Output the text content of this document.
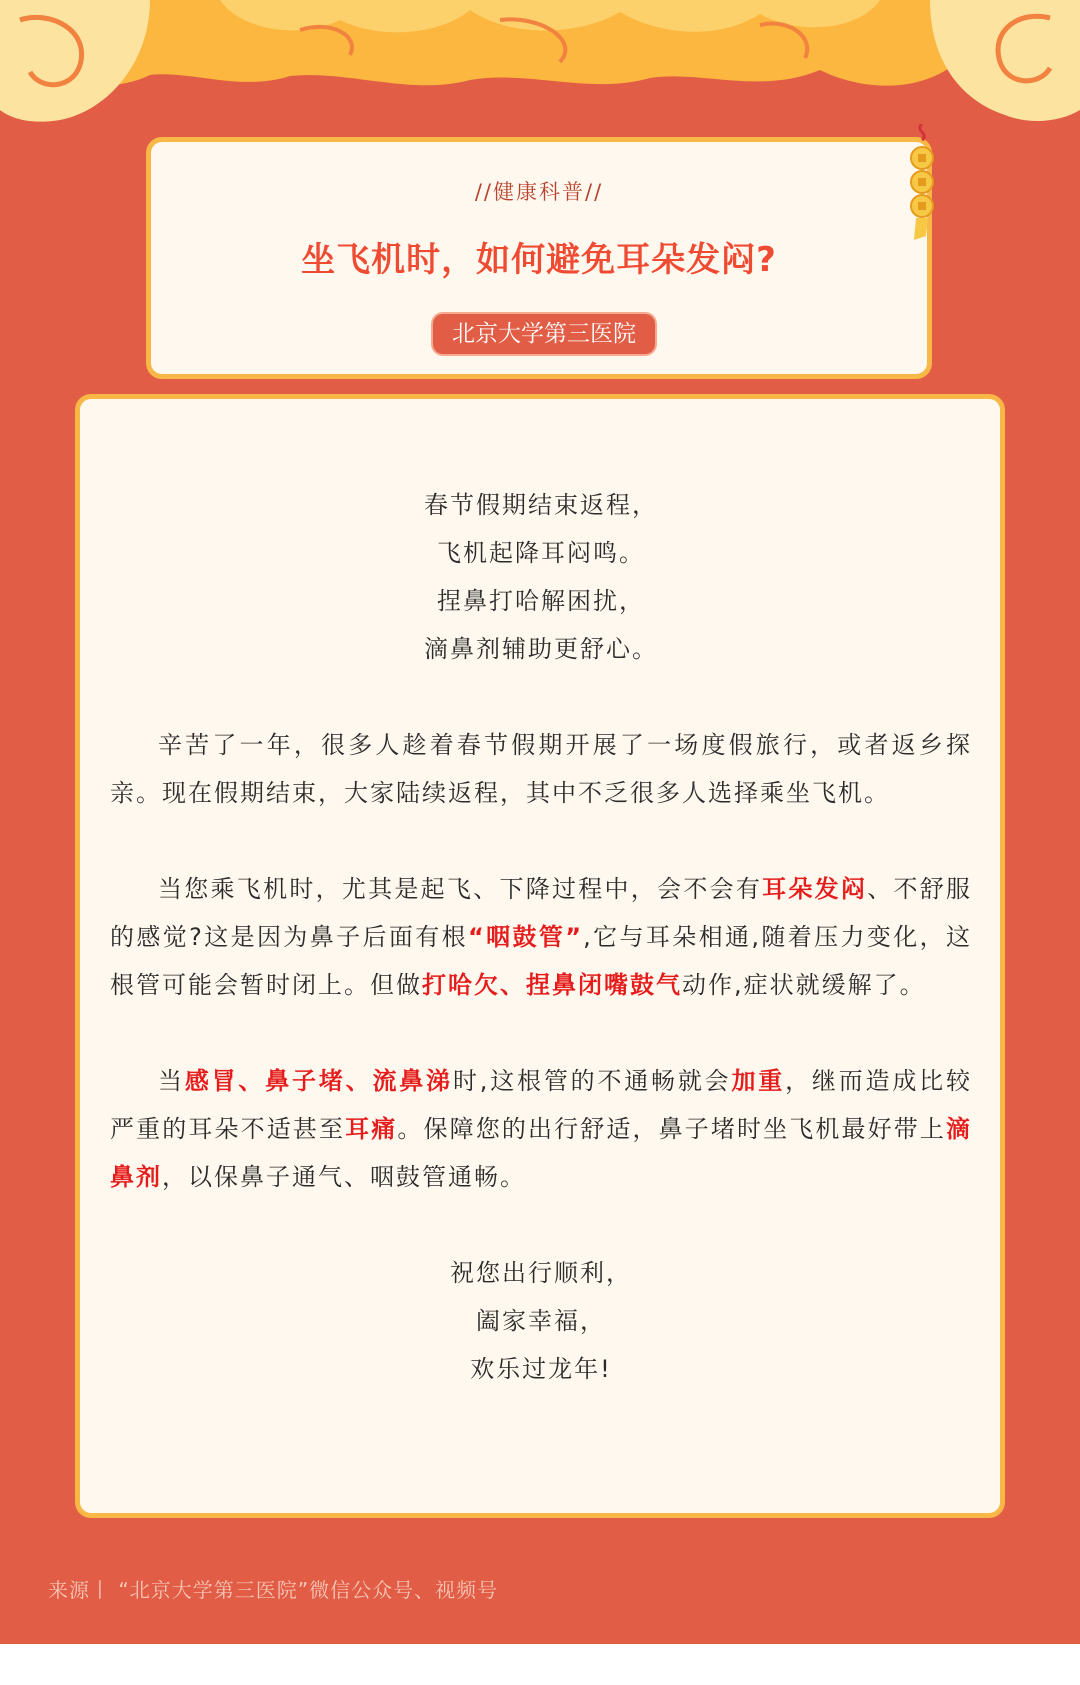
//健康科普//
坐飞机时，如何避免耳朵发闷?
北京大学第三医院

春节假期结束返程，

飞机起降耳闷鸣。

捏鼻打哈解困扰，

滴鼻剂辅助更舒心。

辛苦了一年，很多人趁着春节假期开展了一场度假旅行，或者返乡探亲。现在假期结束，大家陆续返程，其中不乏很多人选择乘坐飞机。

当您乘飞机时，尤其是起飞、下降过程中，会不会有耳朵发闷、不舒服的感觉?这是因为鼻子后面有根“咽鼓管”,它与耳朵相通,随着压力变化，这根管可能会暂时闭上。但做打哈欠、捏鼻闭嘴鼓气动作,症状就缓解了。

当感冒、鼻子堵、流鼻涕时,这根管的不通畅就会加重，继而造成比较严重的耳朵不适甚至耳痛。保障您的出行舒适，鼻子堵时坐飞机最好带上滴鼻剂，以保鼻子通气、咽鼓管通畅。

祝您出行顺利，

阖家幸福，

欢乐过龙年!

来源丨 “北京大学第三医院”微信公众号、视频号
